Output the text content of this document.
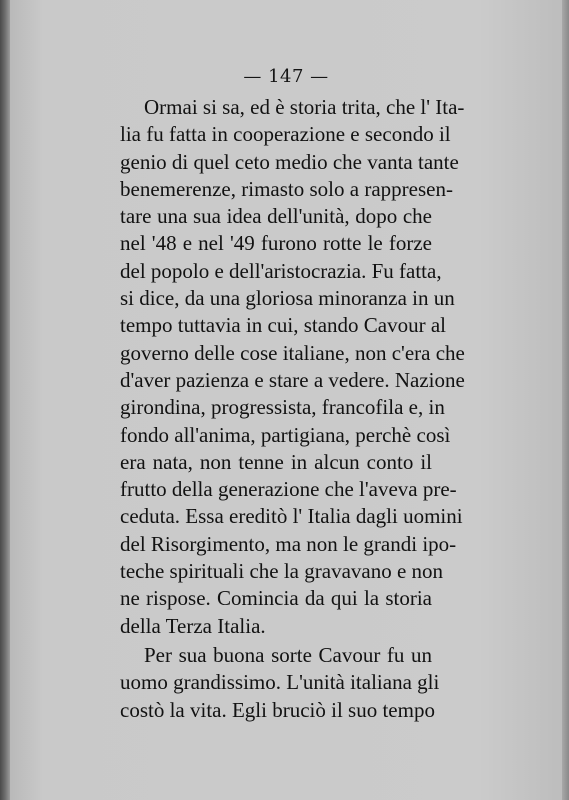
— 147 —
Ormai si sa, ed è storia trita, che l' Ita-
lia fu fatta in cooperazione e secondo il
genio di quel ceto medio che vanta tante
benemerenze, rimasto solo a rappresen-
tare una sua idea dell'unità, dopo che
nel '48 e nel '49 furono rotte le forze
del popolo e dell'aristocrazia. Fu fatta,
si dice, da una gloriosa minoranza in un
tempo tuttavia in cui, stando Cavour al
governo delle cose italiane, non c'era che
d'aver pazienza e stare a vedere. Nazione
girondina, progressista, francofila e, in
fondo all'anima, partigiana, perchè così
era nata, non tenne in alcun conto il
frutto della generazione che l'aveva pre-
ceduta. Essa ereditò l' Italia dagli uomini
del Risorgimento, ma non le grandi ipo-
teche spirituali che la gravavano e non
ne rispose. Comincia da qui la storia
della Terza Italia.
Per sua buona sorte Cavour fu un
uomo grandissimo. L'unità italiana gli
costò la vita. Egli bruciò il suo tempo
